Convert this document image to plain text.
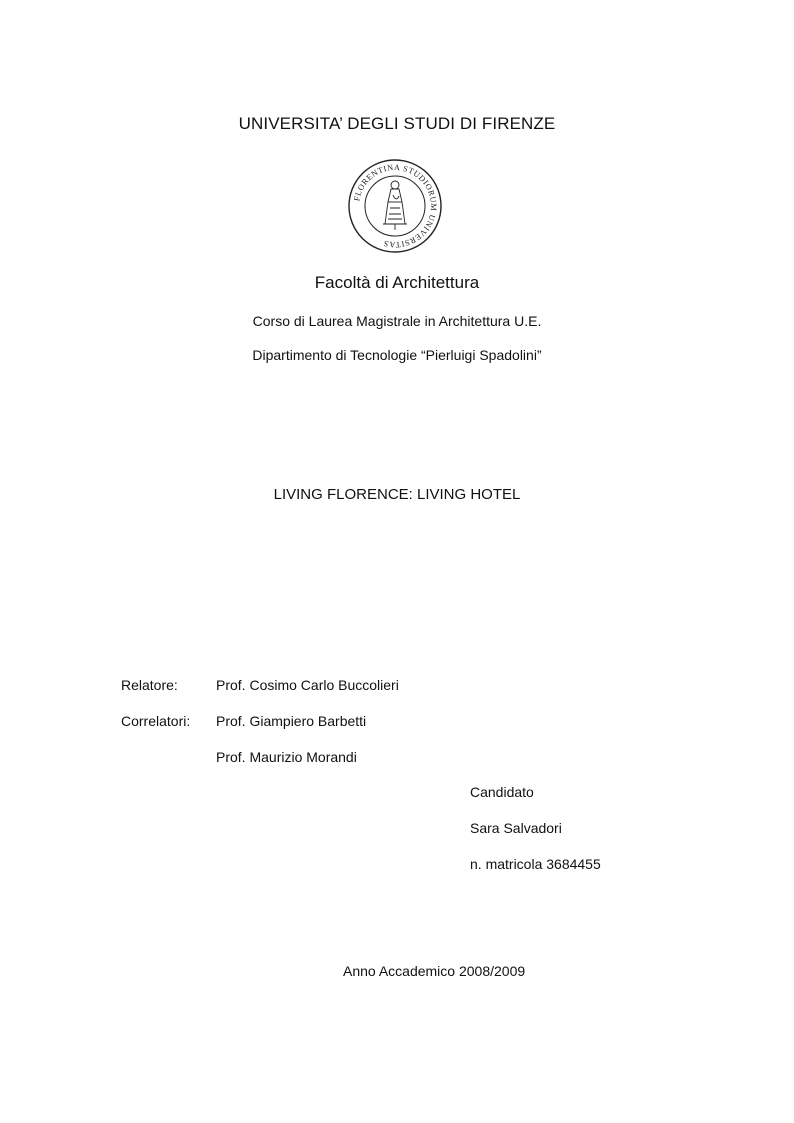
UNIVERSITA’ DEGLI STUDI DI FIRENZE
FLORENTINA STUDIORUM UNIVERSITAS
Facoltà di Architettura
Corso di Laurea Magistrale in Architettura U.E.
Dipartimento di Tecnologie “Pierluigi Spadolini”
LIVING FLORENCE: LIVING HOTEL
Relatore:	Prof. Cosimo Carlo Buccolieri
Correlatori: Prof. Giampiero Barbetti
Prof. Maurizio Morandi
Candidato
Sara Salvadori
n. matricola 3684455
Anno Accademico 2008/2009
